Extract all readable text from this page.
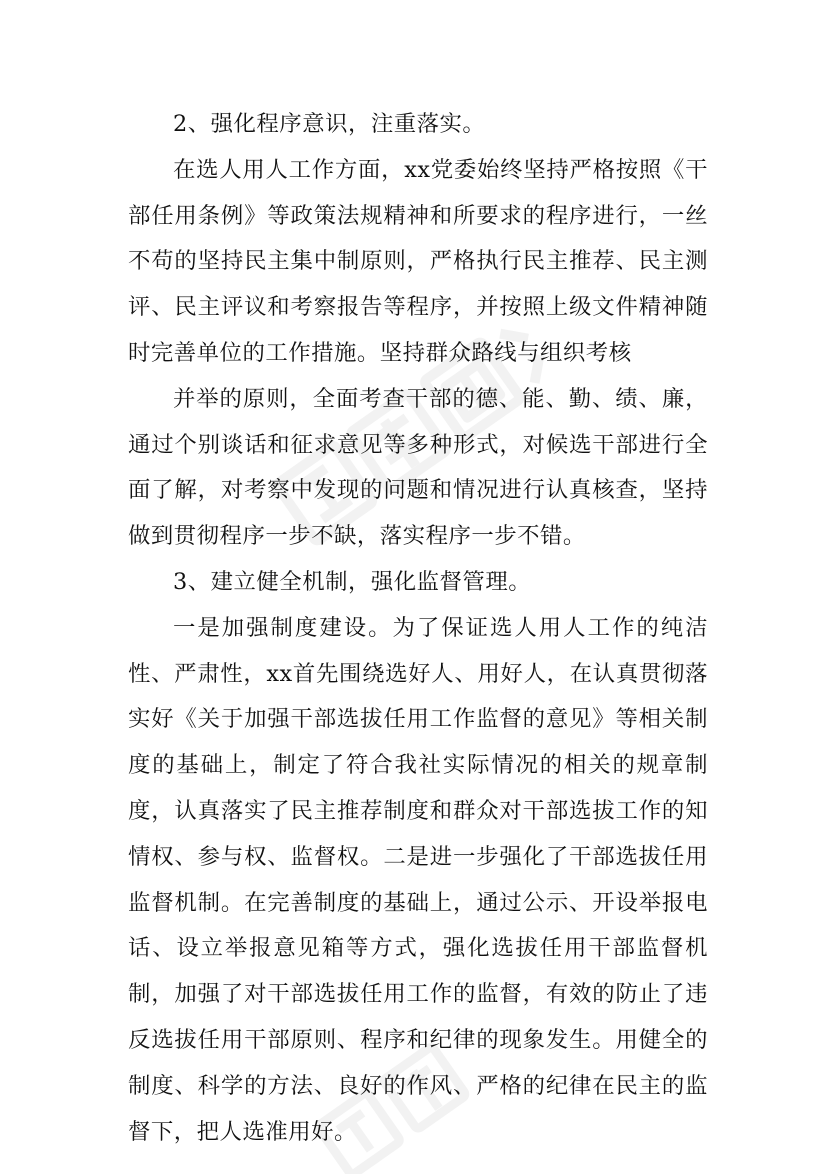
2、强化程序意识，注重落实。

在选人用人工作方面，xx党委始终坚持严格按照《干部任用条例》等政策法规精神和所要求的程序进行，一丝不苟的坚持民主集中制原则，严格执行民主推荐、民主测评、民主评议和考察报告等程序，并按照上级文件精神随时完善单位的工作措施。坚持群众路线与组织考核

并举的原则，全面考查干部的德、能、勤、绩、廉，通过个别谈话和征求意见等多种形式，对候选干部进行全面了解，对考察中发现的问题和情况进行认真核查，坚持做到贯彻程序一步不缺，落实程序一步不错。

3、建立健全机制，强化监督管理。

一是加强制度建设。为了保证选人用人工作的纯洁性、严肃性，xx首先围绕选好人、用好人，在认真贯彻落实好《关于加强干部选拔任用工作监督的意见》等相关制度的基础上，制定了符合我社实际情况的相关的规章制度，认真落实了民主推荐制度和群众对干部选拔工作的知情权、参与权、监督权。二是进一步强化了干部选拔任用监督机制。在完善制度的基础上，通过公示、开设举报电话、设立举报意见箱等方式，强化选拔任用干部监督机制，加强了对干部选拔任用工作的监督，有效的防止了违反选拔任用干部原则、程序和纪律的现象发生。用健全的制度、科学的方法、良好的作风、严格的纪律在民主的监督下，把人选准用好。
